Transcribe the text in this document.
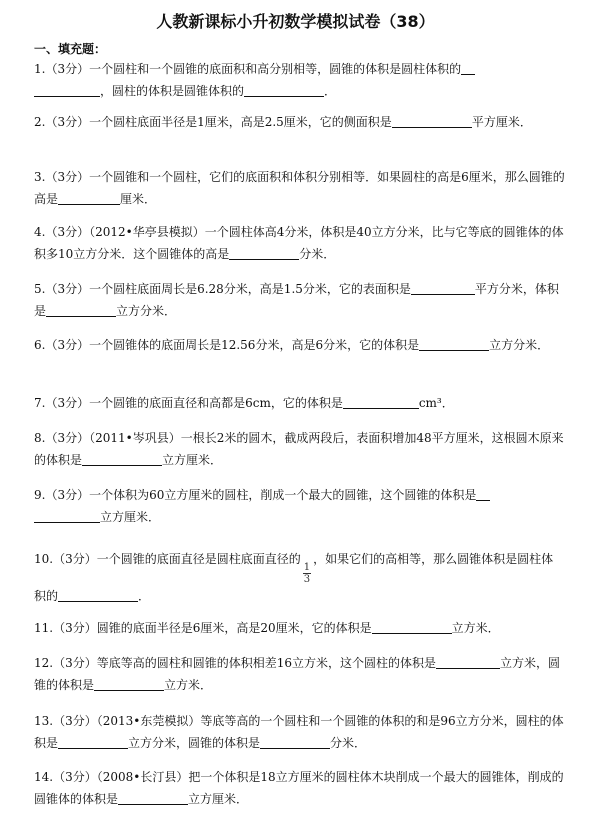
人教新课标小升初数学模拟试卷（38）
一、填充题：
1.（3分）一个圆柱和一个圆锥的底面积和高分别相等，圆锥的体积是圆柱体积的
，圆柱的体积是圆锥体积的	．
2.（3分）一个圆柱底面半径是1厘米，高是2.5厘米，它的侧面积是	平方厘米．
3.（3分）一个圆锥和一个圆柱，它们的底面积和体积分别相等．如果圆柱的高是6厘米，那么圆锥的高是	厘米．
4.（3分）（2012•华亭县模拟）一个圆柱体高4分米，体积是40立方分米，比与它等底的圆锥体的体积多10立方分米．这个圆锥体的高是	分米．
5.（3分）一个圆柱底面周长是6.28分米，高是1.5分米，它的表面积是	平方分米，体积是	立方分米．
6.（3分）一个圆锥体的底面周长是12.56分米，高是6分米，它的体积是	立方分米．
7.（3分）一个圆锥的底面直径和高都是6cm，它的体积是	cm³．
8.（3分）（2011•岑巩县）一根长2米的圆木，截成两段后，表面积增加48平方厘米，这根圆木原来的体积是	立方厘米．
9.（3分）一个体积为60立方厘米的圆柱，削成一个最大的圆锥，这个圆锥的体积是
立方厘米．
10.（3分）一个圆锥的底面直径是圆柱底面直径的
$\frac{1}{3}$
，如果它们的高相等，那么圆锥体积是圆柱体积的	．
11.（3分）圆锥的底面半径是6厘米，高是20厘米，它的体积是	立方米．
12.（3分）等底等高的圆柱和圆锥的体积相差16立方米，这个圆柱的体积是	立方米，圆锥的体积是	立方米．
13.（3分）（2013•东莞模拟）等底等高的一个圆柱和一个圆锥的体积的和是96立方分米，圆柱的体积是	立方分米，圆锥的体积是	分米．
14.（3分）（2008•长汀县）把一个体积是18立方厘米的圆柱体木块削成一个最大的圆锥体，削成的圆锥体的体积是	立方厘米．
